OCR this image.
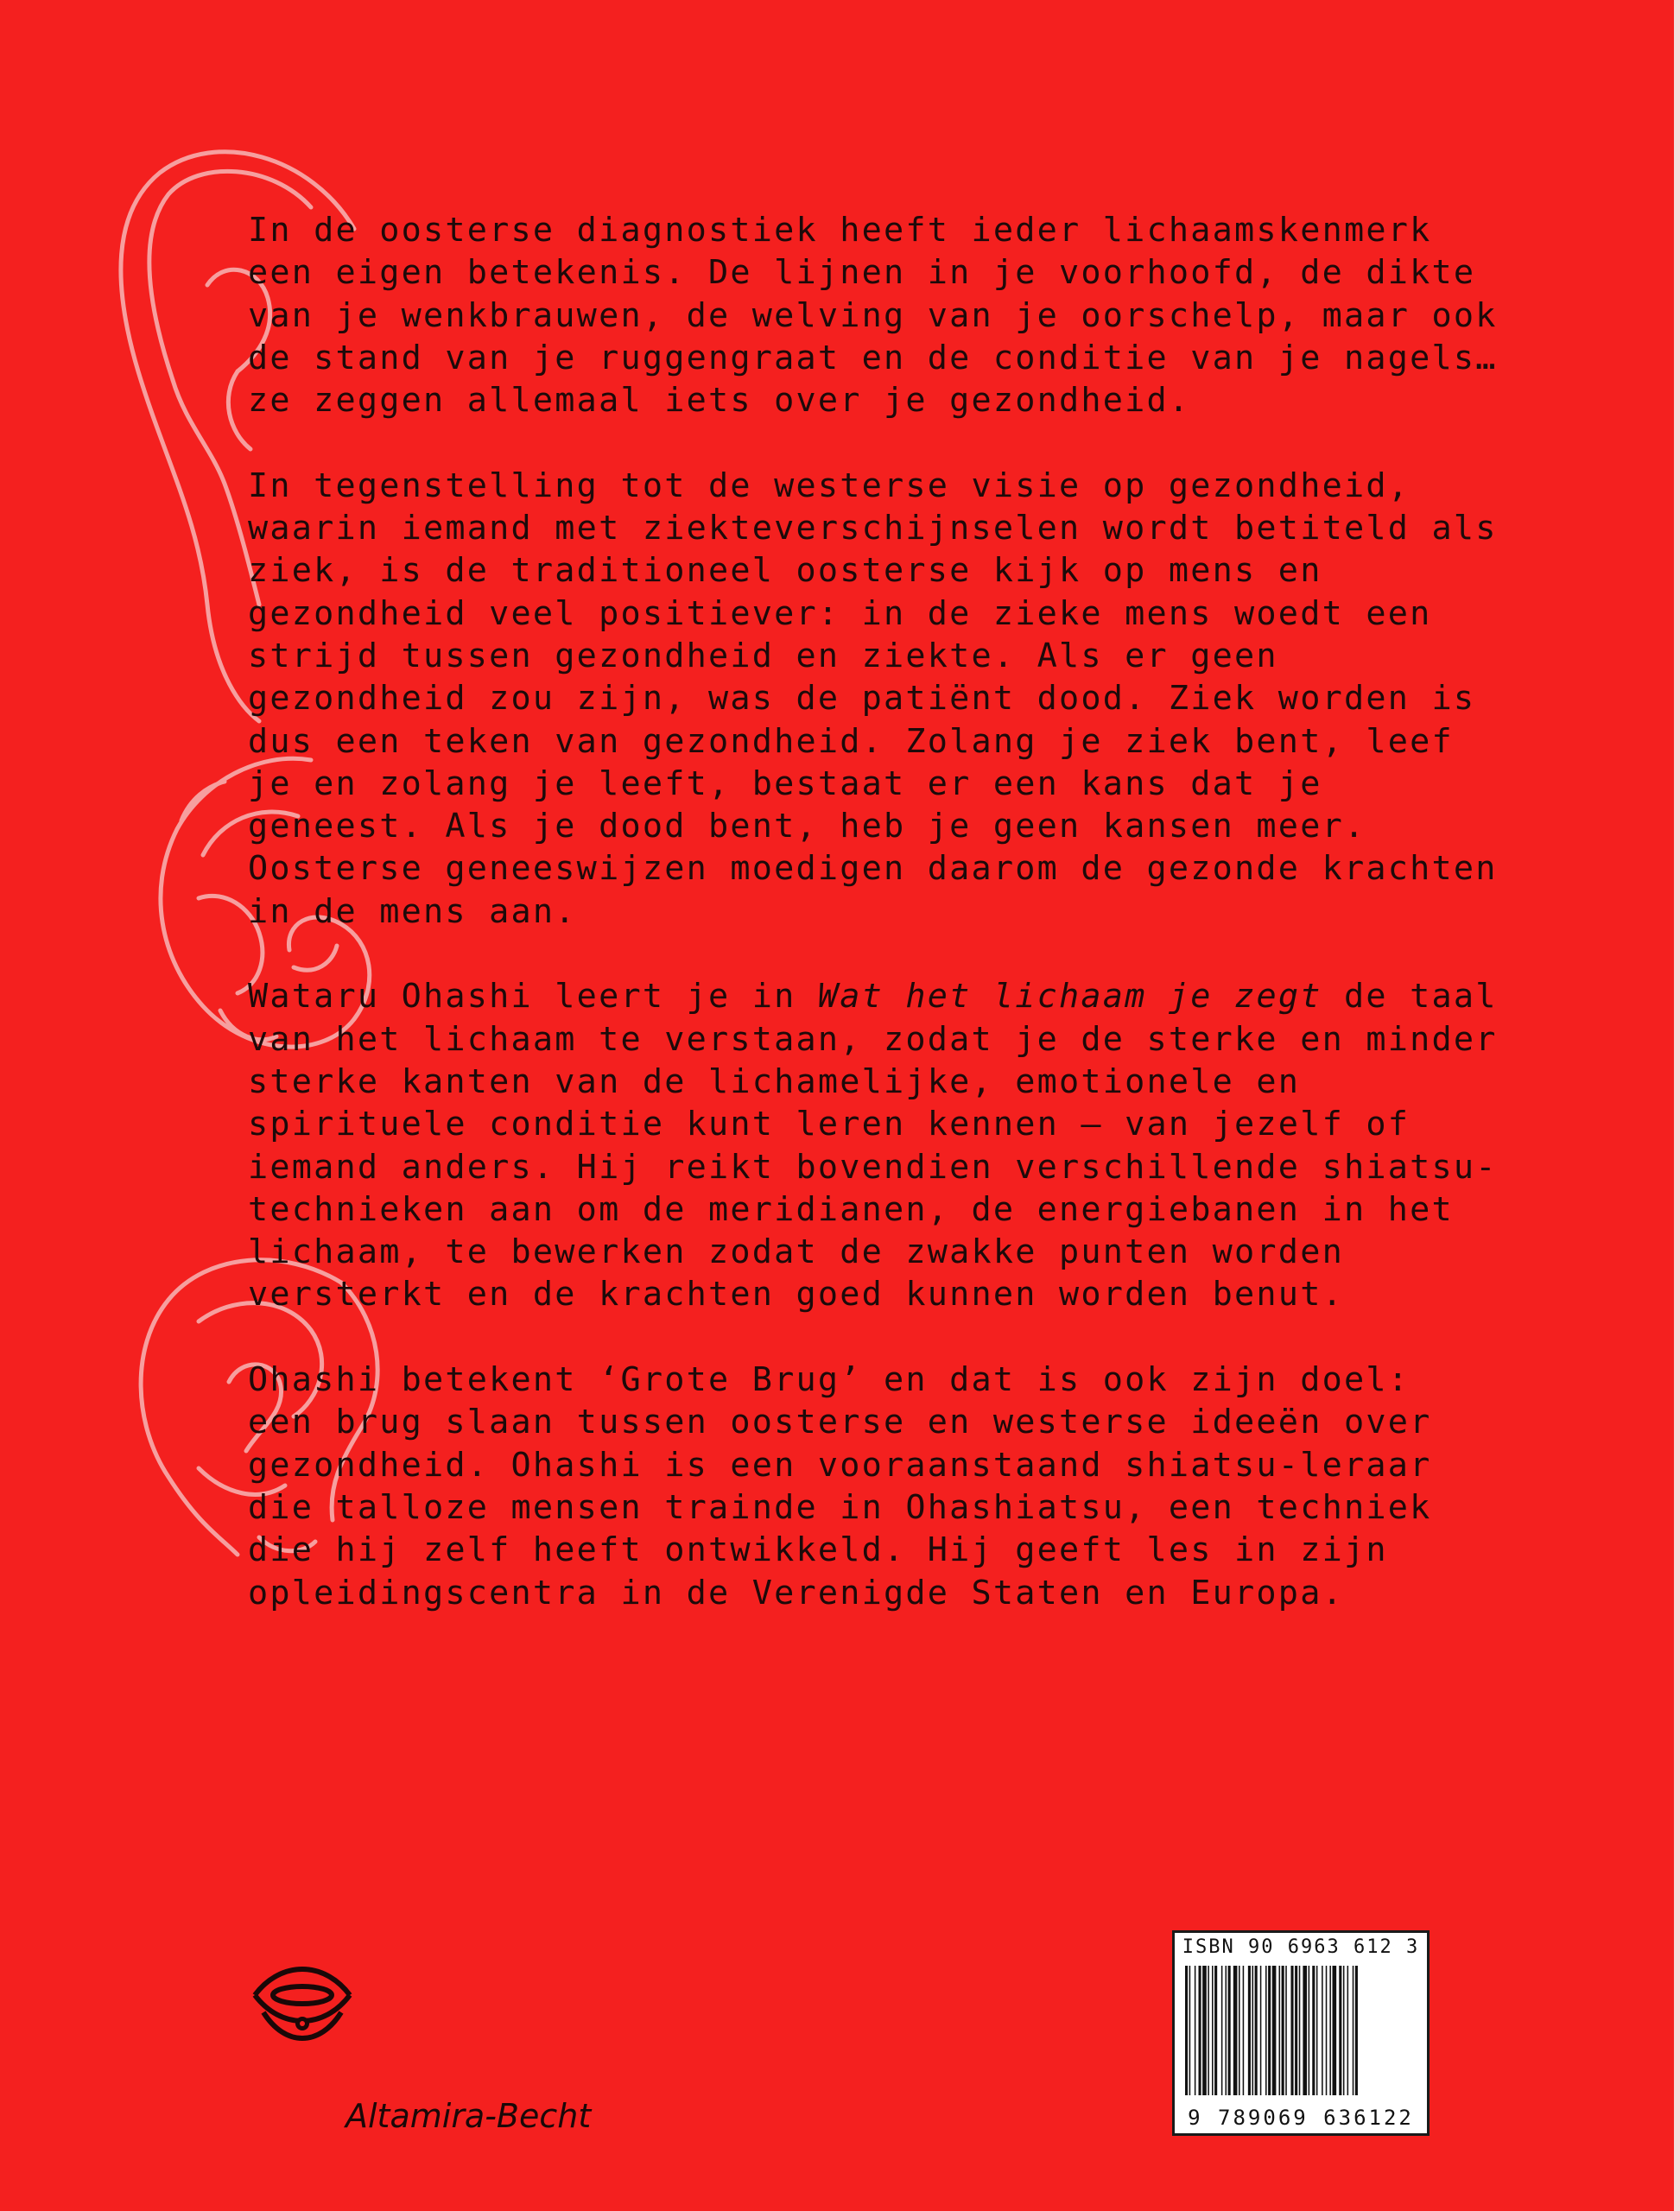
In de oosterse diagnostiek heeft ieder lichaamskenmerk
een eigen betekenis. De lijnen in je voorhoofd, de dikte
van je wenkbrauwen, de welving van je oorschelp, maar ook
de stand van je ruggengraat en de conditie van je nagels…
ze zeggen allemaal iets over je gezondheid.

In tegenstelling tot de westerse visie op gezondheid,
waarin iemand met ziekteverschijnselen wordt betiteld als
ziek, is de traditioneel oosterse kijk op mens en
gezondheid veel positiever: in de zieke mens woedt een
strijd tussen gezondheid en ziekte. Als er geen
gezondheid zou zijn, was de patiënt dood. Ziek worden is
dus een teken van gezondheid. Zolang je ziek bent, leef
je en zolang je leeft, bestaat er een kans dat je
geneest. Als je dood bent, heb je geen kansen meer.
Oosterse geneeswijzen moedigen daarom de gezonde krachten
in de mens aan.

Wataru Ohashi leert je in Wat het lichaam je zegt de taal
van het lichaam te verstaan, zodat je de sterke en minder
sterke kanten van de lichamelijke, emotionele en
spirituele conditie kunt leren kennen — van jezelf of
iemand anders. Hij reikt bovendien verschillende shiatsu-
technieken aan om de meridianen, de energiebanen in het
lichaam, te bewerken zodat de zwakke punten worden
versterkt en de krachten goed kunnen worden benut.

Ohashi betekent ‘Grote Brug’ en dat is ook zijn doel:
een brug slaan tussen oosterse en westerse ideeën over
gezondheid. Ohashi is een vooraanstaand shiatsu-leraar
die talloze mensen trainde in Ohashiatsu, een techniek
die hij zelf heeft ontwikkeld. Hij geeft les in zijn
opleidingscentra in de Verenigde Staten en Europa.

ISBN 90 6963 612 3
9 789069 636122
Altamira-Becht
